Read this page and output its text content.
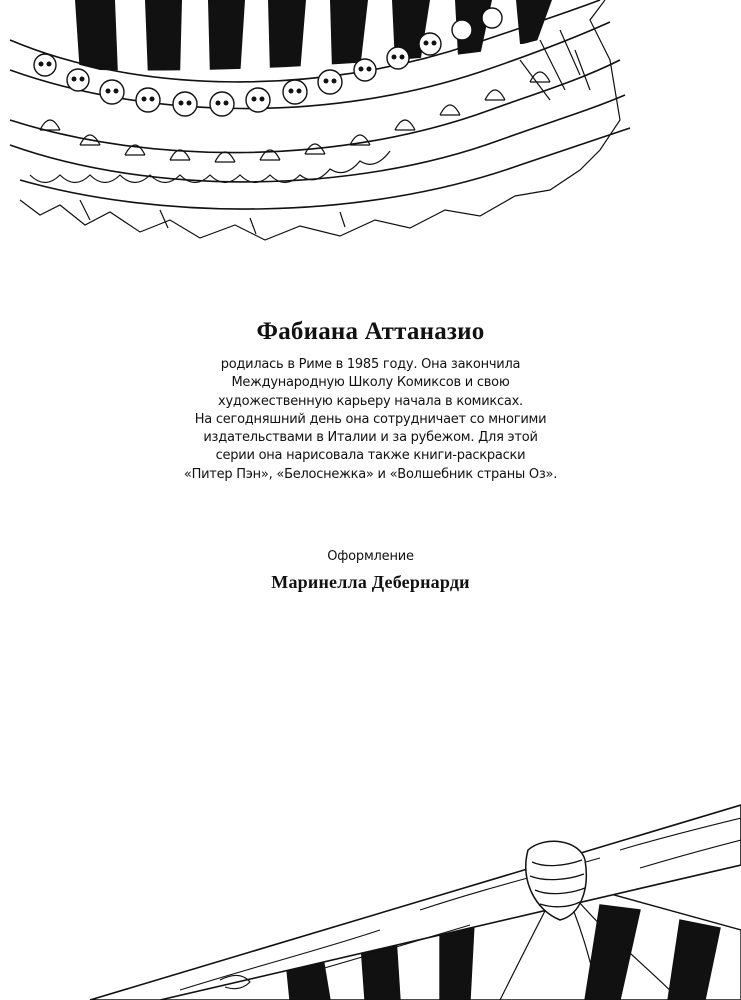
Фабиана Аттаназио
родилась в Риме в 1985 году. Она закончила
Международную Школу Комиксов и свою
художественную карьеру начала в комиксах.
На сегодняшний день она сотрудничает со многими
издательствами в Италии и за рубежом. Для этой
серии она нарисовала также книги-раскраски
«Питер Пэн», «Белоснежка» и «Волшебник страны Оз».
Оформление
Маринелла Дебернарди
